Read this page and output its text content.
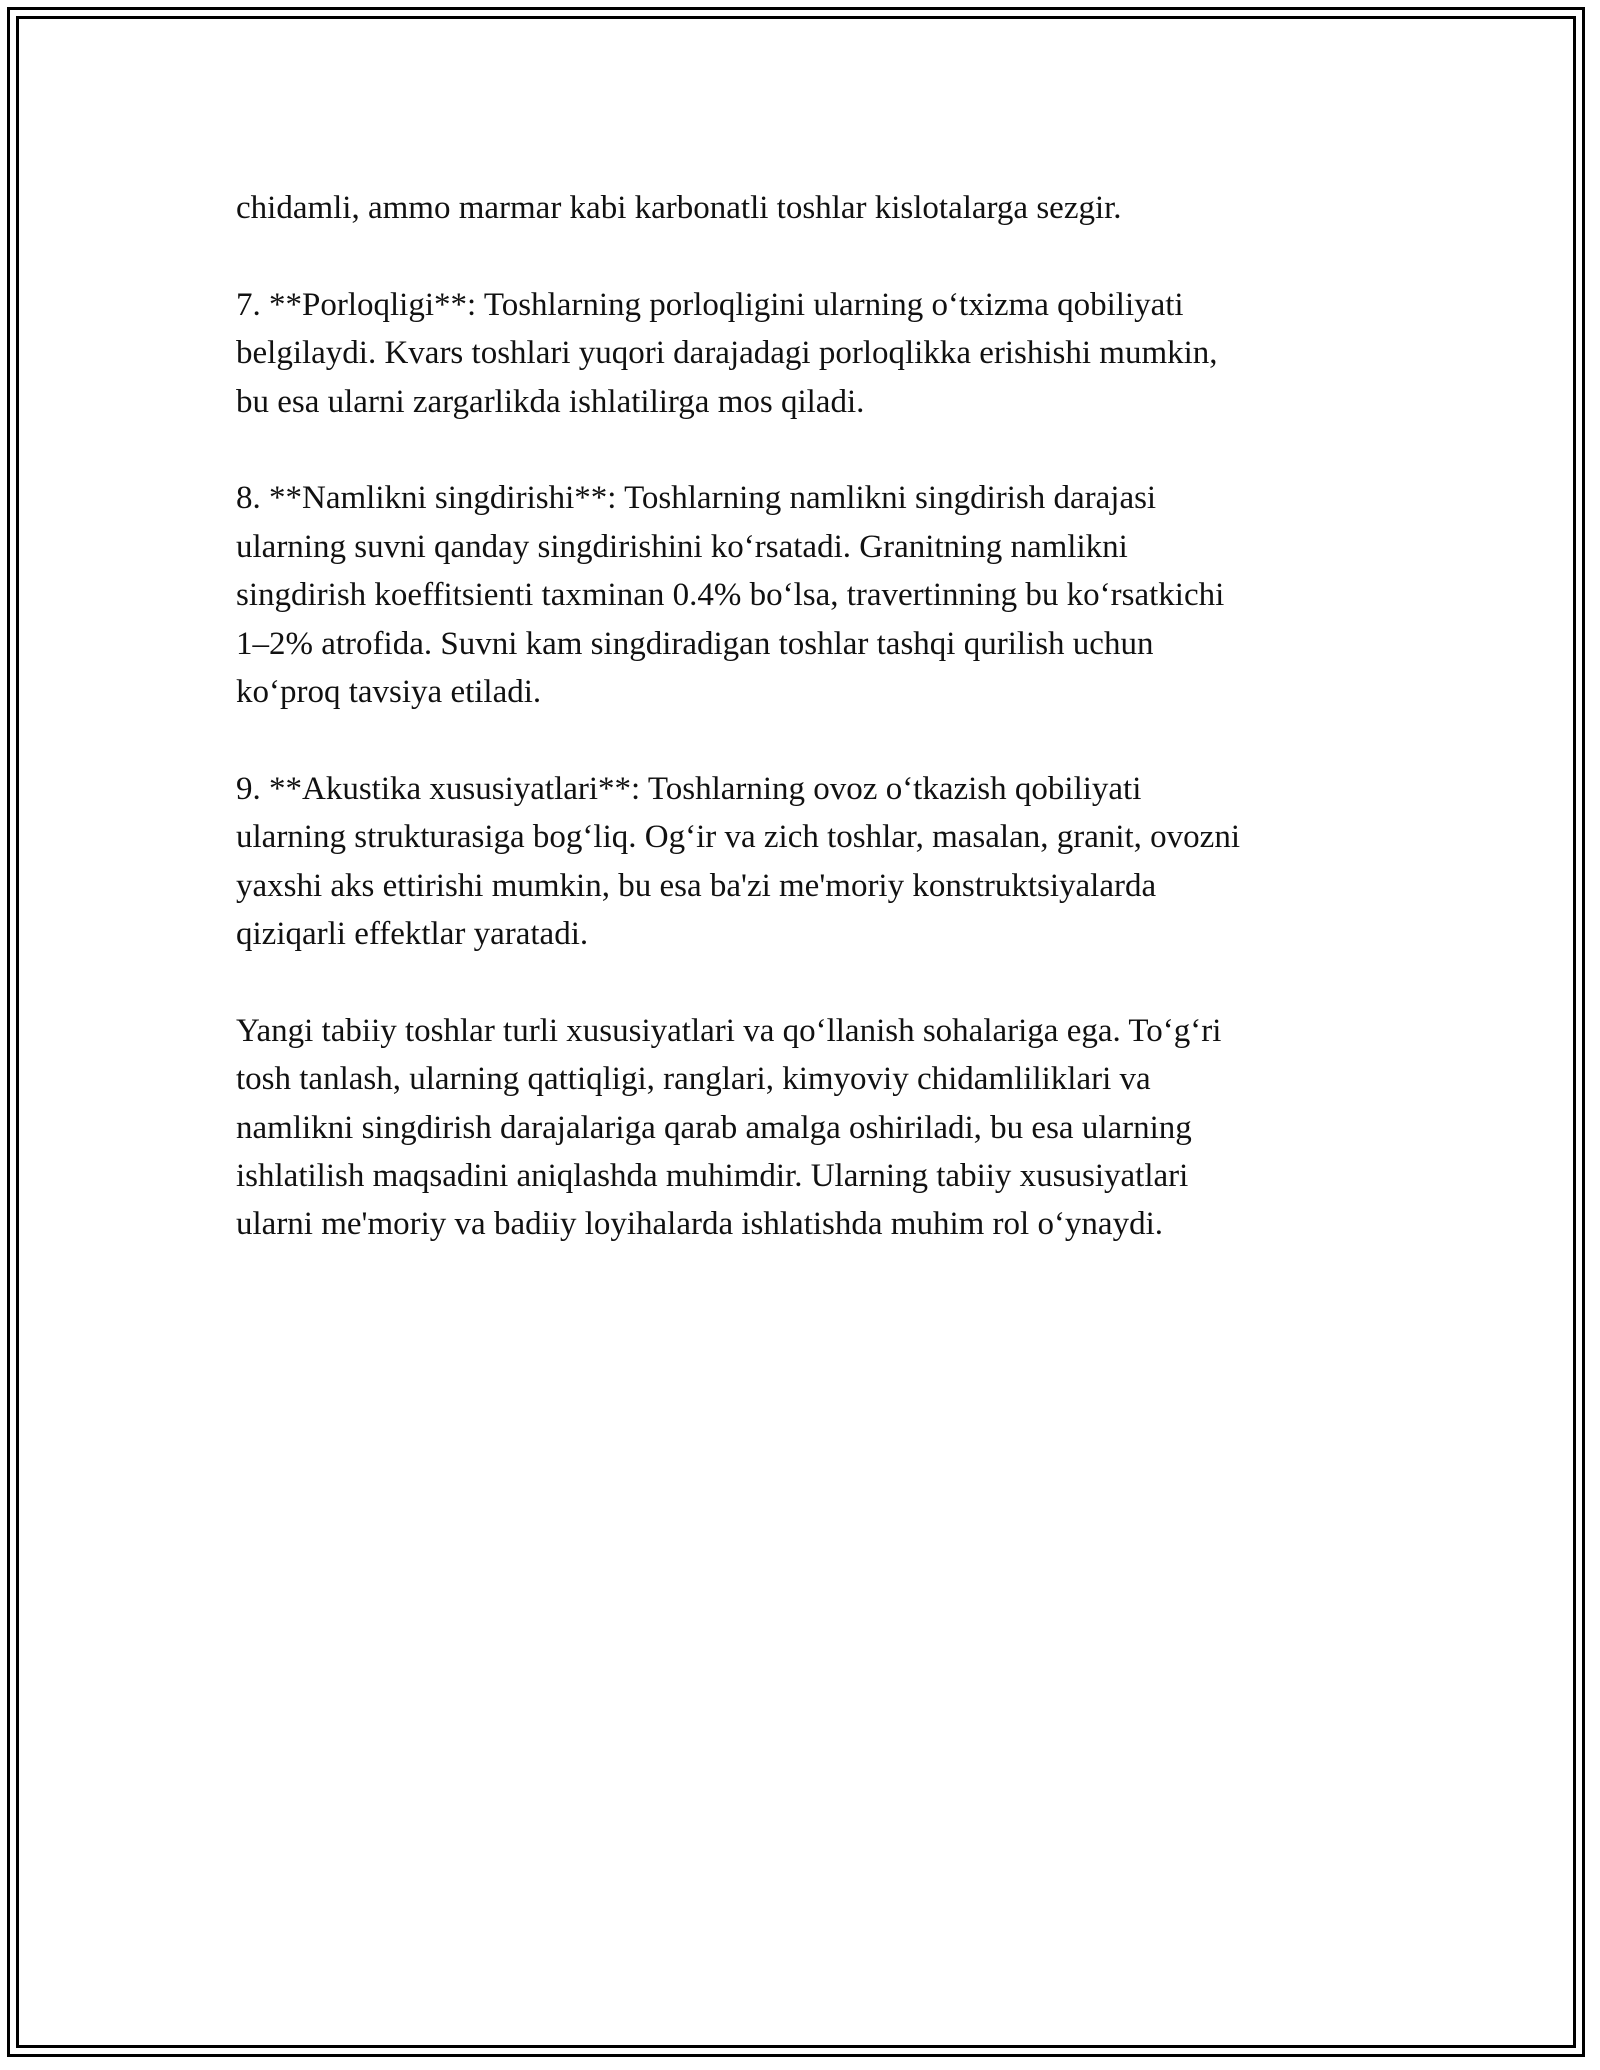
chidamli, ammo marmar kabi karbonatli toshlar kislotalarga sezgir.

7. **Porloqligi**: Toshlarning porloqligini ularning o‘txizma qobiliyati
belgilaydi. Kvars toshlari yuqori darajadagi porloqlikka erishishi mumkin,
bu esa ularni zargarlikda ishlatilirga mos qiladi.

8. **Namlikni singdirishi**: Toshlarning namlikni singdirish darajasi
ularning suvni qanday singdirishini ko‘rsatadi. Granitning namlikni
singdirish koeffitsienti taxminan 0.4% bo‘lsa, travertinning bu ko‘rsatkichi
1–2% atrofida. Suvni kam singdiradigan toshlar tashqi qurilish uchun
ko‘proq tavsiya etiladi.

9. **Akustika xususiyatlari**: Toshlarning ovoz o‘tkazish qobiliyati
ularning strukturasiga bog‘liq. Og‘ir va zich toshlar, masalan, granit, ovozni
yaxshi aks ettirishi mumkin, bu esa ba'zi me'moriy konstruktsiyalarda
qiziqarli effektlar yaratadi.

Yangi tabiiy toshlar turli xususiyatlari va qo‘llanish sohalariga ega. To‘g‘ri
tosh tanlash, ularning qattiqligi, ranglari, kimyoviy chidamliliklari va
namlikni singdirish darajalariga qarab amalga oshiriladi, bu esa ularning
ishlatilish maqsadini aniqlashda muhimdir. Ularning tabiiy xususiyatlari
ularni me'moriy va badiiy loyihalarda ishlatishda muhim rol o‘ynaydi.
